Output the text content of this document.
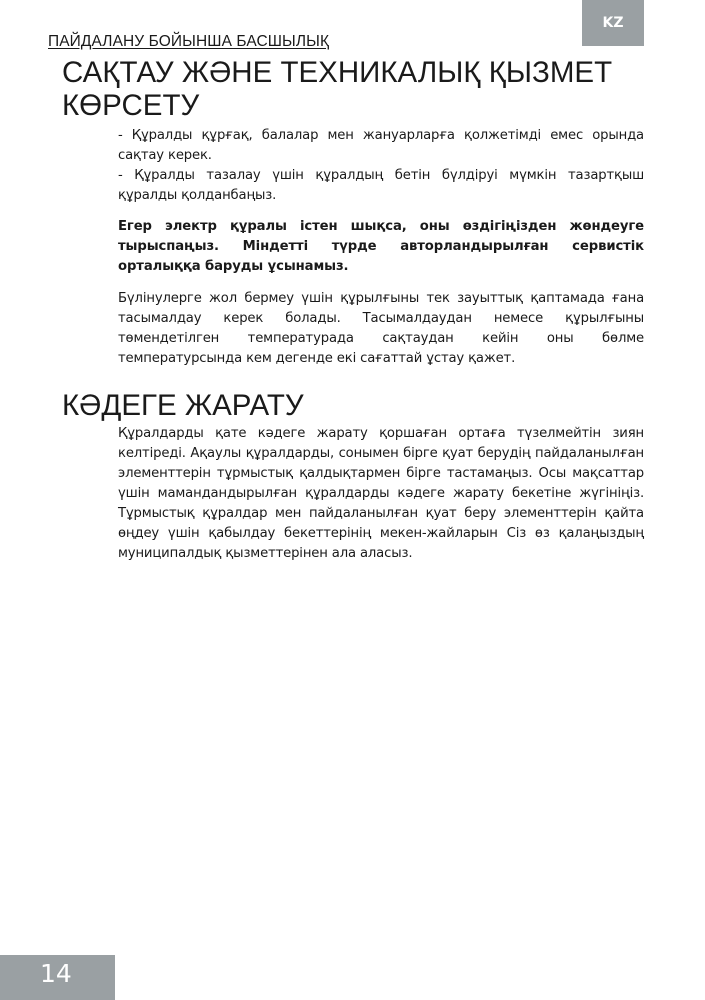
KZ
ПАЙДАЛАНУ БОЙЫНША БАСШЫЛЫҚ
САҚТАУ ЖӘНЕ ТЕХНИКАЛЫҚ ҚЫЗМЕТ КӨРСЕТУ

- Құралды құрғақ, балалар мен жануарларға қолжетімді емес орында сақтау керек.

- Құралды тазалау үшін құралдың бетін бүлдіруі мүмкін тазартқыш құралды қолданбаңыз.

Егер электр құралы істен шықса, оны өздігіңізден жөндеуге тырыспаңыз. Міндетті түрде авторландырылған сервистік орталыққа баруды ұсынамыз.

Бүлінулерге жол бермеу үшін құрылғыны тек зауыттық қаптамада ғана тасымалдау керек болады. Тасымалдаудан немесе құрылғыны төмендетілген температурада сақтаудан кейін оны бөлме температурсында кем дегенде екі сағаттай ұстау қажет.

КӘДЕГЕ ЖАРАТУ

Құралдарды қате кәдеге жарату қоршаған ортаға түзелмейтін зиян келтіреді. Ақаулы құралдарды, сонымен бірге қуат берудің пайдаланылған элементтерін тұрмыстық қалдықтармен бірге тастамаңыз. Осы мақсаттар үшін мамандандырылған құралдарды кәдеге жарату бекетіне жүгініңіз. Тұрмыстық құралдар мен пайдаланылған қуат беру элементтерін қайта өңдеу үшін қабылдау бекеттерінің мекен-жайларын Сіз өз қалаңыздың муниципалдық қызметтерінен ала аласыз.

14
